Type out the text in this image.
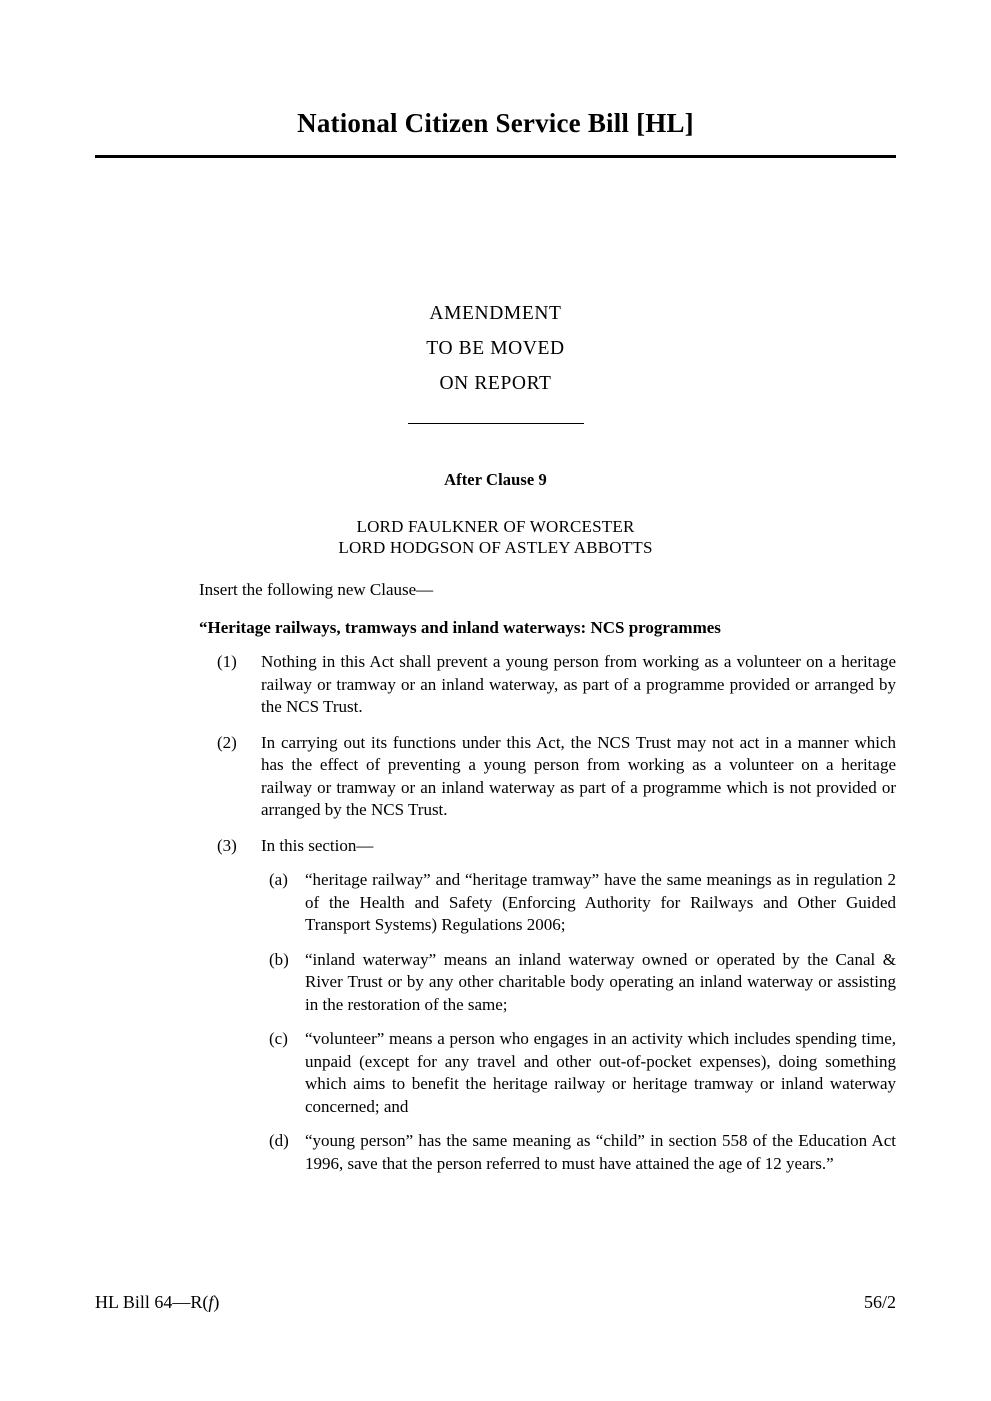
National Citizen Service Bill [HL]
AMENDMENT
TO BE MOVED
ON REPORT
After Clause 9
LORD FAULKNER OF WORCESTER
LORD HODGSON OF ASTLEY ABBOTTS
Insert the following new Clause—
“Heritage railways, tramways and inland waterways: NCS programmes
(1)	Nothing in this Act shall prevent a young person from working as a volunteer on a heritage railway or tramway or an inland waterway, as part of a programme provided or arranged by the NCS Trust.
(2)	In carrying out its functions under this Act, the NCS Trust may not act in a manner which has the effect of preventing a young person from working as a volunteer on a heritage railway or tramway or an inland waterway as part of a programme which is not provided or arranged by the NCS Trust.
(3)	In this section—
(a)	“heritage railway” and “heritage tramway” have the same meanings as in regulation 2 of the Health and Safety (Enforcing Authority for Railways and Other Guided Transport Systems) Regulations 2006;
(b) “inland waterway” means an inland waterway owned or operated by the Canal & River Trust or by any other charitable body operating an inland waterway or assisting in the restoration of the same;
(c)	“volunteer” means a person who engages in an activity which includes spending time, unpaid (except for any travel and other out-of-pocket expenses), doing something which aims to benefit the heritage railway or heritage tramway or inland waterway concerned; and
(d) “young person” has the same meaning as “child” in section 558 of the Education Act 1996, save that the person referred to must have attained the age of 12 years.”
HL Bill 64—R(f)	56/2
